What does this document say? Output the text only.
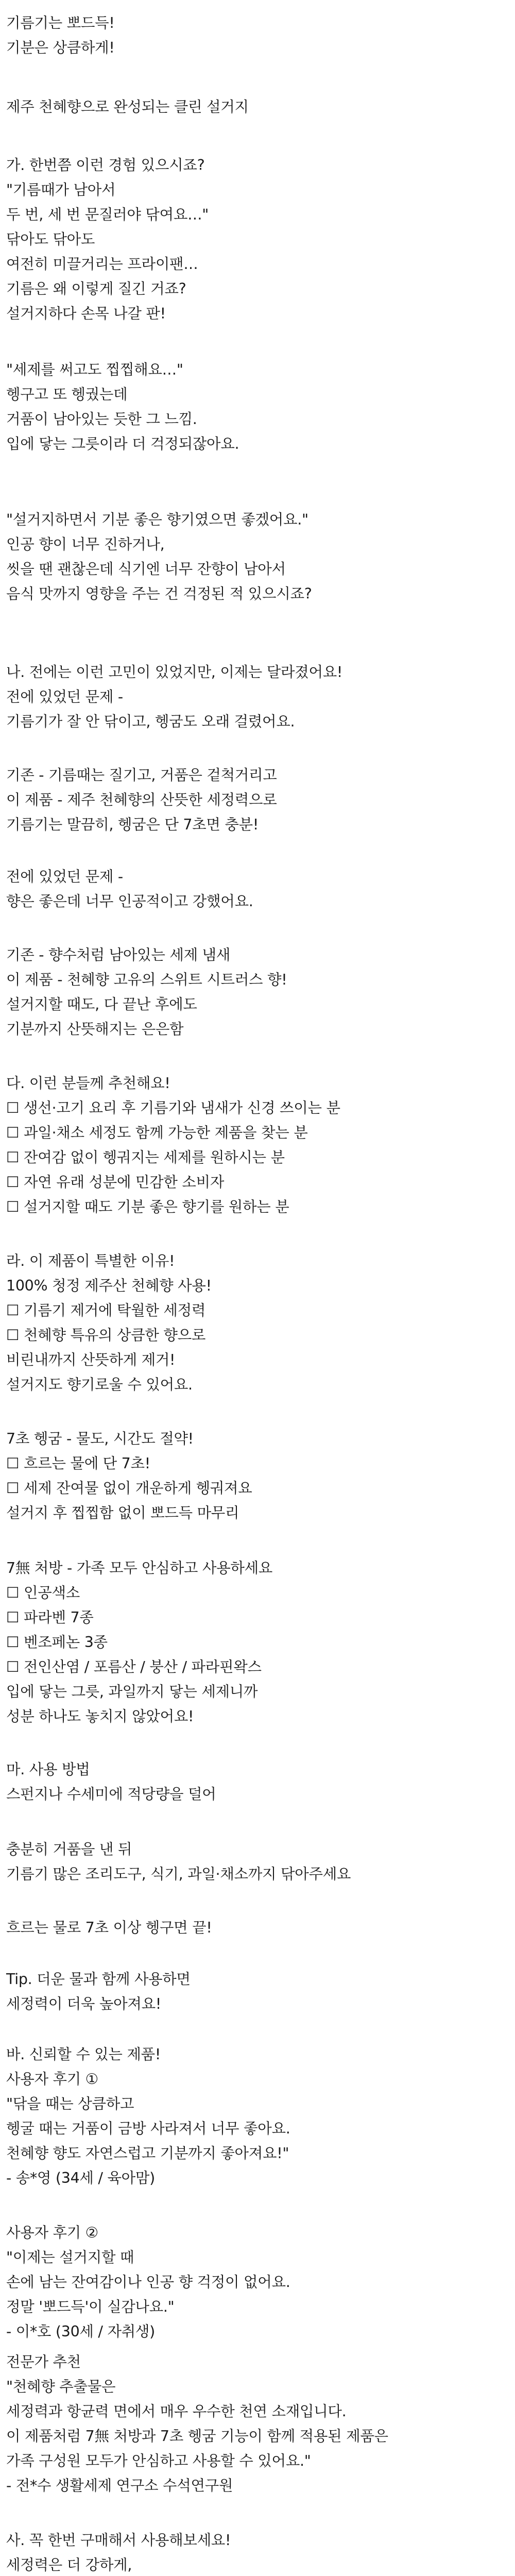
기름기는 뽀드득!
기분은 상큼하게!
제주 천혜향으로 완성되는 클린 설거지
가. 한번쯤 이런 경험 있으시죠?
"기름때가 남아서
두 번, 세 번 문질러야 닦여요…"
닦아도 닦아도
여전히 미끌거리는 프라이팬…
기름은 왜 이렇게 질긴 거죠?
설거지하다 손목 나갈 판!
"세제를 써고도 찝찝해요…"
헹구고 또 헹궜는데
거품이 남아있는 듯한 그 느낌.
입에 닿는 그릇이라 더 걱정되잖아요.
"설거지하면서 기분 좋은 향기였으면 좋겠어요."
인공 향이 너무 진하거나,
씻을 땐 괜찮은데 식기엔 너무 잔향이 남아서
음식 맛까지 영향을 주는 건 걱정된 적 있으시죠?
나. 전에는 이런 고민이 있었지만, 이제는 달라졌어요!
전에 있었던 문제 -
기름기가 잘 안 닦이고, 헹굼도 오래 걸렸어요.
기존 - 기름때는 질기고, 거품은 겉척거리고
이 제품 - 제주 천혜향의 산뜻한 세정력으로
기름기는 말끔히, 헹굼은 단 7초면 충분!
전에 있었던 문제 -
향은 좋은데 너무 인공적이고 강했어요.
기존 - 향수처럼 남아있는 세제 냄새
이 제품 - 천혜향 고유의 스위트 시트러스 향!
설거지할 때도, 다 끝난 후에도
기분까지 산뜻해지는 은은함
다. 이런 분들께 추천해요!
☐ 생선·고기 요리 후 기름기와 냄새가 신경 쓰이는 분
☐ 과일·채소 세정도 함께 가능한 제품을 찾는 분
☐ 잔여감 없이 헹궈지는 세제를 원하시는 분
☐ 자연 유래 성분에 민감한 소비자
☐ 설거지할 때도 기분 좋은 향기를 원하는 분
라. 이 제품이 특별한 이유!
100% 청정 제주산 천혜향 사용!
☐ 기름기 제거에 탁월한 세정력
☐ 천혜향 특유의 상큼한 향으로
비린내까지 산뜻하게 제거!
설거지도 향기로울 수 있어요.
7초 헹굼 - 물도, 시간도 절약!
☐ 흐르는 물에 단 7초!
☐ 세제 잔여물 없이 개운하게 헹궈져요
설거지 후 찝찝함 없이 뽀드득 마무리
7無 처방 - 가족 모두 안심하고 사용하세요
☐ 인공색소
☐ 파라벤 7종
☐ 벤조페논 3종
☐ 전인산염 / 포름산 / 붕산 / 파라핀왁스
입에 닿는 그릇, 과일까지 닿는 세제니까
성분 하나도 놓치지 않았어요!
마. 사용 방법
스펀지나 수세미에 적당량을 덜어
충분히 거품을 낸 뒤
기름기 많은 조리도구, 식기, 과일·채소까지 닦아주세요
흐르는 물로 7초 이상 헹구면 끝!
Tip. 더운 물과 함께 사용하면
세정력이 더욱 높아져요!
바. 신뢰할 수 있는 제품!
사용자 후기 ①
"닦을 때는 상큼하고
헹굴 때는 거품이 금방 사라져서 너무 좋아요.
천혜향 향도 자연스럽고 기분까지 좋아져요!"
- 송*영 (34세 / 육아맘)
사용자 후기 ②
"이제는 설거지할 때
손에 남는 잔여감이나 인공 향 걱정이 없어요.
정말 '뽀드득'이 실감나요."
- 이*호 (30세 / 자취생)
전문가 추천
"천혜향 추출물은
세정력과 항균력 면에서 매우 우수한 천연 소재입니다.
이 제품처럼 7無 처방과 7초 헹굼 기능이 함께 적용된 제품은
가족 구성원 모두가 안심하고 사용할 수 있어요."
- 전*수 생활세제 연구소 수석연구원
사. 꼭 한번 구매해서 사용해보세요!
세정력은 더 강하게,
